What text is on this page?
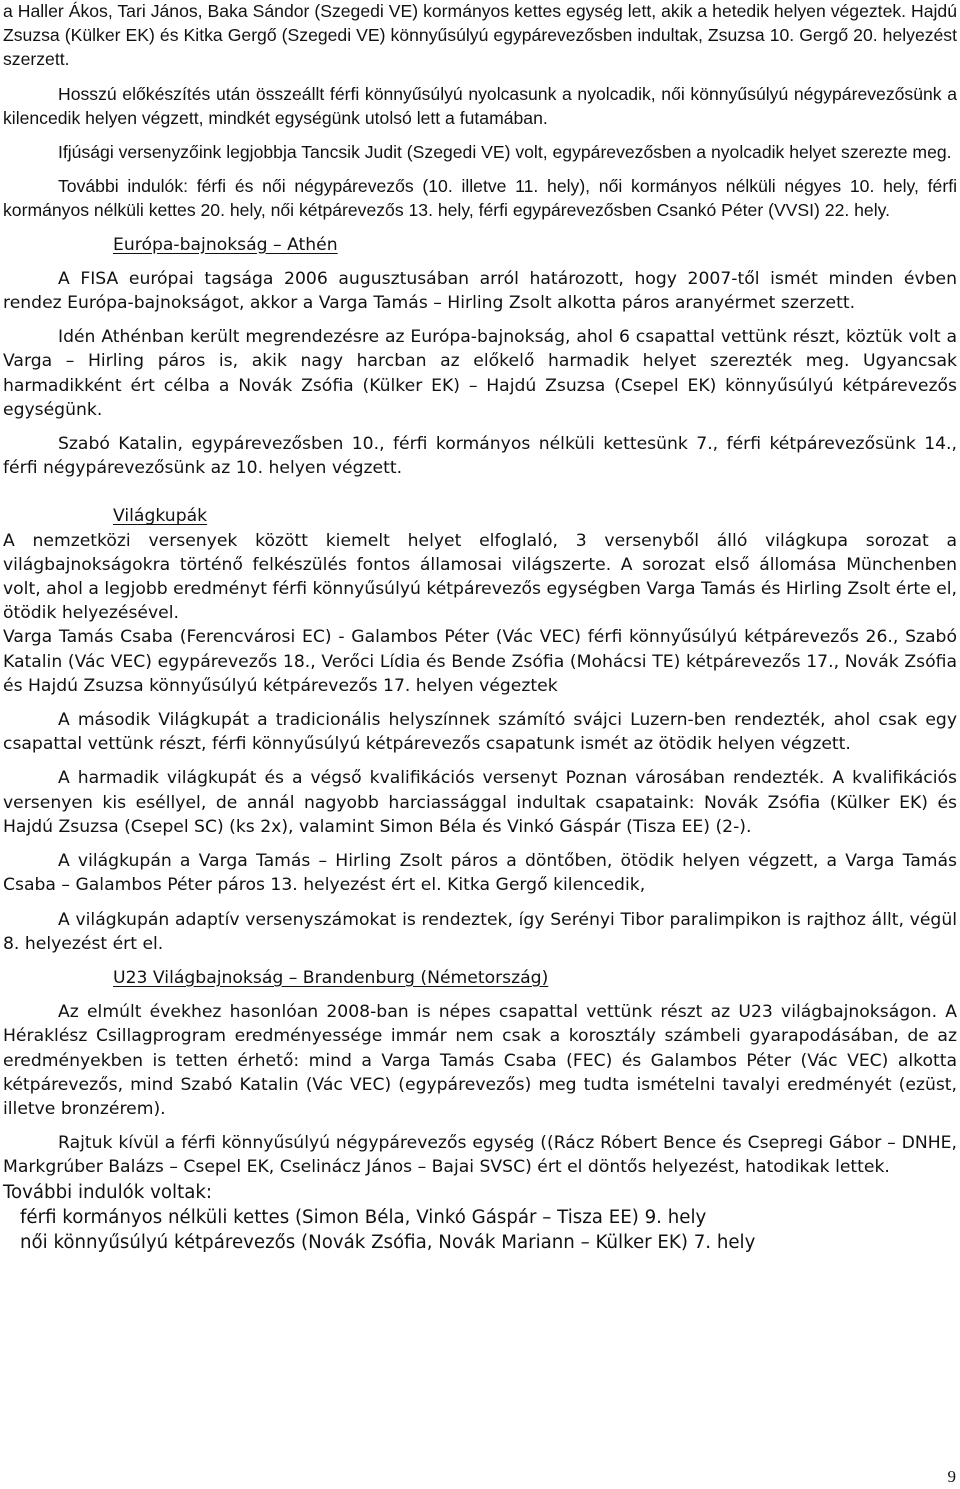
a Haller Ákos, Tari János, Baka Sándor (Szegedi VE) kormányos kettes egység lett, akik a hetedik helyen végeztek. Hajdú Zsuzsa (Külker EK) és Kitka Gergő (Szegedi VE) könnyűsúlyú egypárevezősben indultak, Zsuzsa 10. Gergő 20. helyezést szerzett.

Hosszú előkészítés után összeállt férfi könnyűsúlyú nyolcasunk a nyolcadik, női könnyűsúlyú négypárevezősünk a kilencedik helyen végzett, mindkét egységünk utolsó lett a futamában.

Ifjúsági versenyzőink legjobbja Tancsik Judit (Szegedi VE) volt, egypárevezősben a nyolcadik helyet szerezte meg.

További indulók: férfi és női négypárevezős (10. illetve 11. hely), női kormányos nélküli négyes 10. hely, férfi kormányos nélküli kettes 20. hely, női kétpárevezős 13. hely, férfi egypárevezősben Csankó Péter (VVSI) 22. hely.

Európa-bajnokság – Athén

A FISA európai tagsága 2006 augusztusában arról határozott, hogy 2007-től ismét minden évben rendez Európa-bajnokságot, akkor a Varga Tamás – Hirling Zsolt alkotta páros aranyérmet szerzett.

Idén Athénban került megrendezésre az Európa-bajnokság, ahol 6 csapattal vettünk részt, köztük volt a Varga – Hirling páros is, akik nagy harcban az előkelő harmadik helyet szerezték meg. Ugyancsak harmadikként ért célba a Novák Zsófia (Külker EK) – Hajdú Zsuzsa (Csepel EK) könnyűsúlyú kétpárevezős egységünk.

Szabó Katalin, egypárevezősben 10., férfi kormányos nélküli kettesünk 7., férfi kétpárevezősünk 14., férfi négypárevezősünk az 10. helyen végzett.

Világkupák

A nemzetközi versenyek között kiemelt helyet elfoglaló, 3 versenyből álló világkupa sorozat a világbajnokságokra történő felkészülés fontos államosai világszerte. A sorozat első állomása Münchenben volt, ahol a legjobb eredményt férfi könnyűsúlyú kétpárevezős egységben Varga Tamás és Hirling Zsolt érte el, ötödik helyezésével.

Varga Tamás Csaba (Ferencvárosi EC) - Galambos Péter (Vác VEC) férfi könnyűsúlyú kétpárevezős 26., Szabó Katalin (Vác VEC) egypárevezős 18., Verőci Lídia és Bende Zsófia (Mohácsi TE) kétpárevezős 17., Novák Zsófia és Hajdú Zsuzsa könnyűsúlyú kétpárevezős 17. helyen végeztek

A második Világkupát a tradicionális helyszínnek számító svájci Luzern-ben rendezték, ahol csak egy csapattal vettünk részt, férfi könnyűsúlyú kétpárevezős csapatunk ismét az ötödik helyen végzett.

A harmadik világkupát és a végső kvalifikációs versenyt Poznan városában rendezték. A kvalifikációs versenyen kis eséllyel, de annál nagyobb harciassággal indultak csapataink: Novák Zsófia (Külker EK) és Hajdú Zsuzsa (Csepel SC) (ks 2x), valamint Simon Béla és Vinkó Gáspár (Tisza EE) (2-).

A világkupán a Varga Tamás – Hirling Zsolt páros a döntőben, ötödik helyen végzett, a Varga Tamás Csaba – Galambos Péter páros 13. helyezést ért el. Kitka Gergő kilencedik,

A világkupán adaptív versenyszámokat is rendeztek, így Serényi Tibor paralimpikon is rajthoz állt, végül 8. helyezést ért el.

U23 Világbajnokság – Brandenburg (Németország)

Az elmúlt évekhez hasonlóan 2008-ban is népes csapattal vettünk részt az U23 világbajnokságon. A Héraklész Csillagprogram eredményessége immár nem csak a korosztály számbeli gyarapodásában, de az eredményekben is tetten érhető: mind a Varga Tamás Csaba (FEC) és Galambos Péter (Vác VEC) alkotta kétpárevezős, mind Szabó Katalin (Vác VEC) (egypárevezős) meg tudta ismételni tavalyi eredményét (ezüst, illetve bronzérem).

Rajtuk kívül a férfi könnyűsúlyú négypárevezős egység ((Rácz Róbert Bence és Csepregi Gábor – DNHE, Markgrúber Balázs – Csepel EK, Cselinácz János – Bajai SVSC) ért el döntős helyezést, hatodikak lettek.

További indulók voltak:

férfi kormányos nélküli kettes (Simon Béla, Vinkó Gáspár – Tisza EE) 9. hely

női könnyűsúlyú kétpárevezős (Novák Zsófia, Novák Mariann – Külker EK) 7. hely

9
